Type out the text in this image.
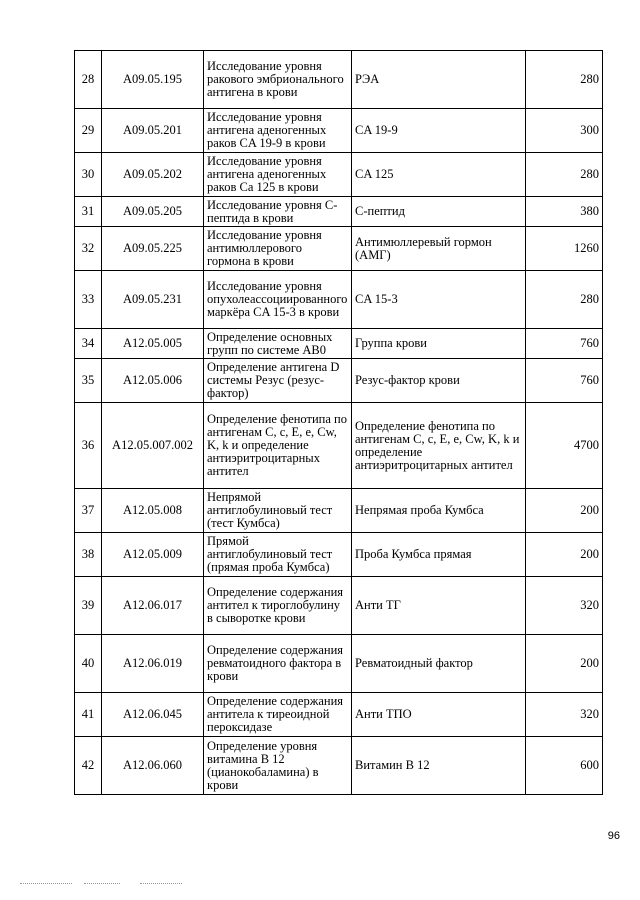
28	A09.05.195	Исследование уровня ракового эмбрионального антигена в крови	РЭА	280
29	A09.05.201	Исследование уровня антигена аденогенных раков CA 19-9 в крови	CA 19-9	300
30	A09.05.202	Исследование уровня антигена аденогенных раков Ca 125 в крови	CA 125	280
31	A09.05.205	Исследование уровня C-пептида в крови	С-пептид	380
32	A09.05.225	Исследование уровня антимюллерового гормона в крови	Антимюллеревый гормон (АМГ)	1260
33	A09.05.231	Исследование уровня опухолеассоциированного маркёра CA 15-3 в крови	CA 15-3	280
34	A12.05.005	Определение основных групп по системе AB0	Группа крови	760
35	A12.05.006	Определение антигена D системы Резус (резус-фактор)	Резус-фактор крови	760
36	A12.05.007.002	Определение фенотипа по антигенам C, c, E, e, Cw, K, k и определение антиэритроцитарных антител	Определение фенотипа по антигенам С, с, Е, е, Cw, K, k и определение антиэритроцитарных антител	4700
37	A12.05.008	Непрямой антиглобулиновый тест (тест Кумбса)	Непрямая проба Кумбса	200
38	A12.05.009	Прямой антиглобулиновый тест (прямая проба Кумбса)	Проба Кумбса прямая	200
39	A12.06.017	Определение содержания антител к тироглобулину в сыворотке крови	Анти ТГ	320
40	A12.06.019	Определение содержания ревматоидного фактора в крови	Ревматоидный фактор	200
41	A12.06.045	Определение содержания антитела к тиреоидной пероксидазе	Анти ТПО	320
42	A12.06.060	Определение уровня витамина B 12 (цианокобаламина) в крови	Витамин В 12	600
96
